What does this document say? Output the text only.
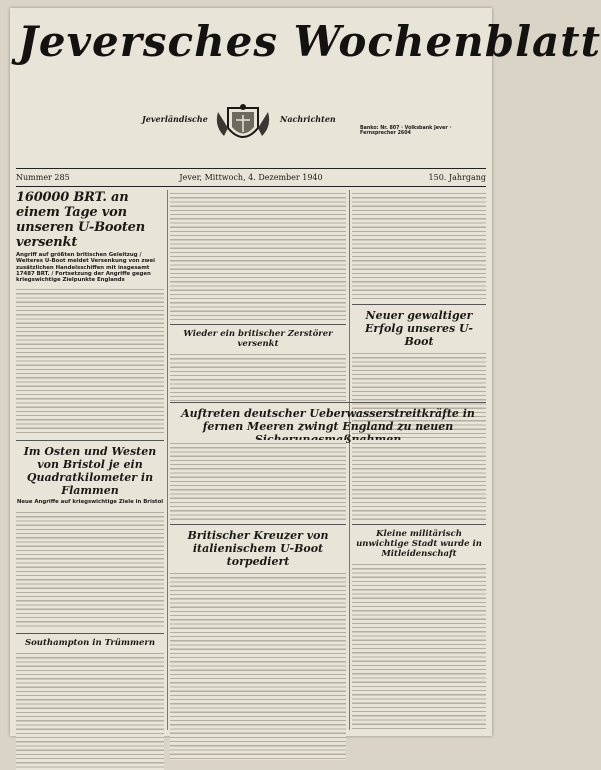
Jeversches Wochenblatt
Jeverländische	Nachrichten
Banko: Nr. 807 · Volksbank Jever · Fernsprecher 2604
Nummer 285	Jever, Mittwoch, 4. Dezember 1940	150. Jahrgang
160000 BRT. an einem Tage von unseren U-Booten versenkt
Angriff auf größten britischen Geleitzug / Weiteres U-Boot meldet Versenkung von zwei zusätzlichen Handelsschiffen mit insgesamt 17487 BRT. / Fortsetzung der Angriffe gegen kriegswichtige Zielpunkte Englands
Im Osten und Westen von Bristol je ein Quadratkilometer in Flammen
Neue Angriffe auf kriegswichtige Ziele in Bristol
Southampton in Trümmern
Wieder ein britischer Zerstörer versenkt
Neuer gewaltiger Erfolg unseres U-Boot
Auftreten deutscher Ueberwasserstreitkräfte in fernen Meeren zwingt England zu neuen
Britischer Kreuzer von italienischem U-Boot torpediert
Kleine militärisch unwichtige Stadt wurde in Mitleidenschaft
